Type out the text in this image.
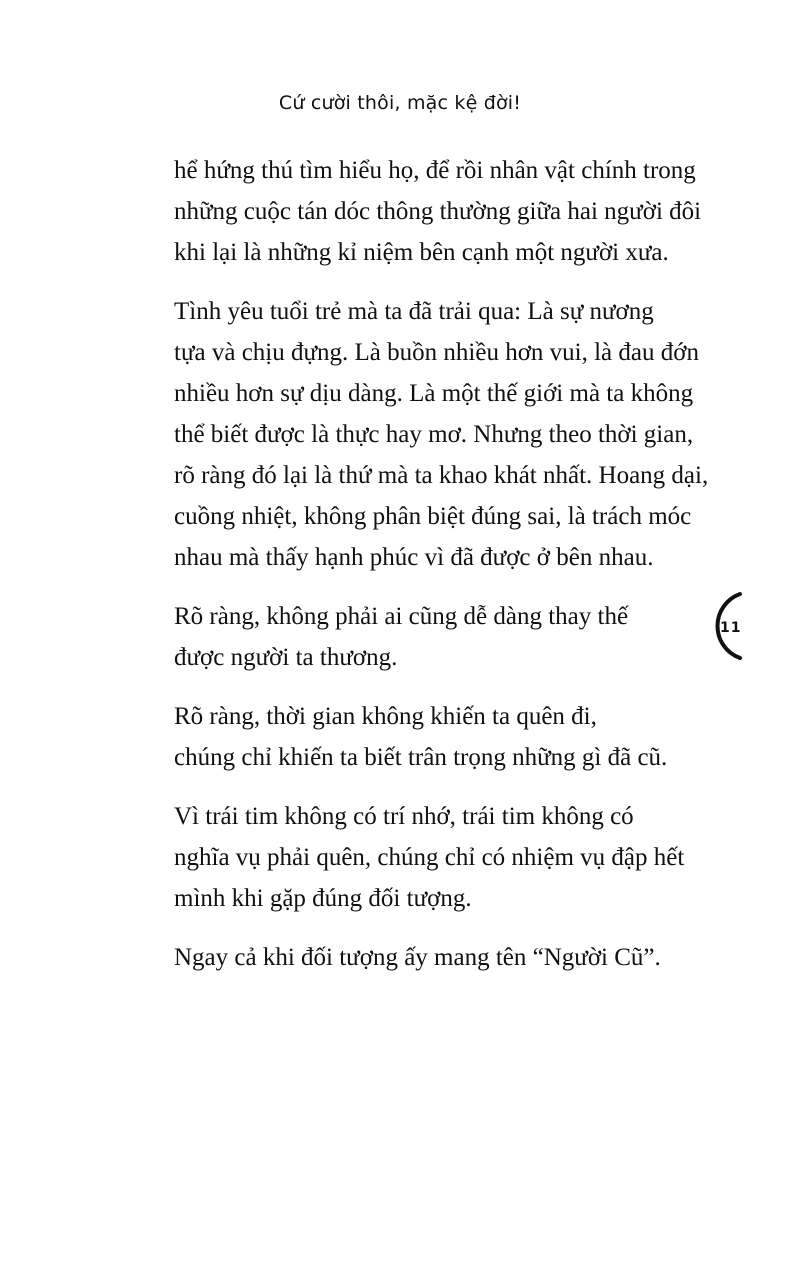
Cứ cười thôi, mặc kệ đời!

hể hứng thú tìm hiểu họ, để rồi nhân vật chính trong
những cuộc tán dóc thông thường giữa hai người đôi
khi lại là những kỉ niệm bên cạnh một người xưa.

Tình yêu tuổi trẻ mà ta đã trải qua: Là sự nương
tựa và chịu đựng. Là buồn nhiều hơn vui, là đau đớn
nhiều hơn sự dịu dàng. Là một thế giới mà ta không
thể biết được là thực hay mơ. Nhưng theo thời gian,
rõ ràng đó lại là thứ mà ta khao khát nhất. Hoang dại,
cuồng nhiệt, không phân biệt đúng sai, là trách móc
nhau mà thấy hạnh phúc vì đã được ở bên nhau.

Rõ ràng, không phải ai cũng dễ dàng thay thế
được người ta thương.

Rõ ràng, thời gian không khiến ta quên đi,
chúng chỉ khiến ta biết trân trọng những gì đã cũ.

Vì trái tim không có trí nhớ, trái tim không có
nghĩa vụ phải quên, chúng chỉ có nhiệm vụ đập hết
mình khi gặp đúng đối tượng.

Ngay cả khi đối tượng ấy mang tên “Người Cũ”.

11
